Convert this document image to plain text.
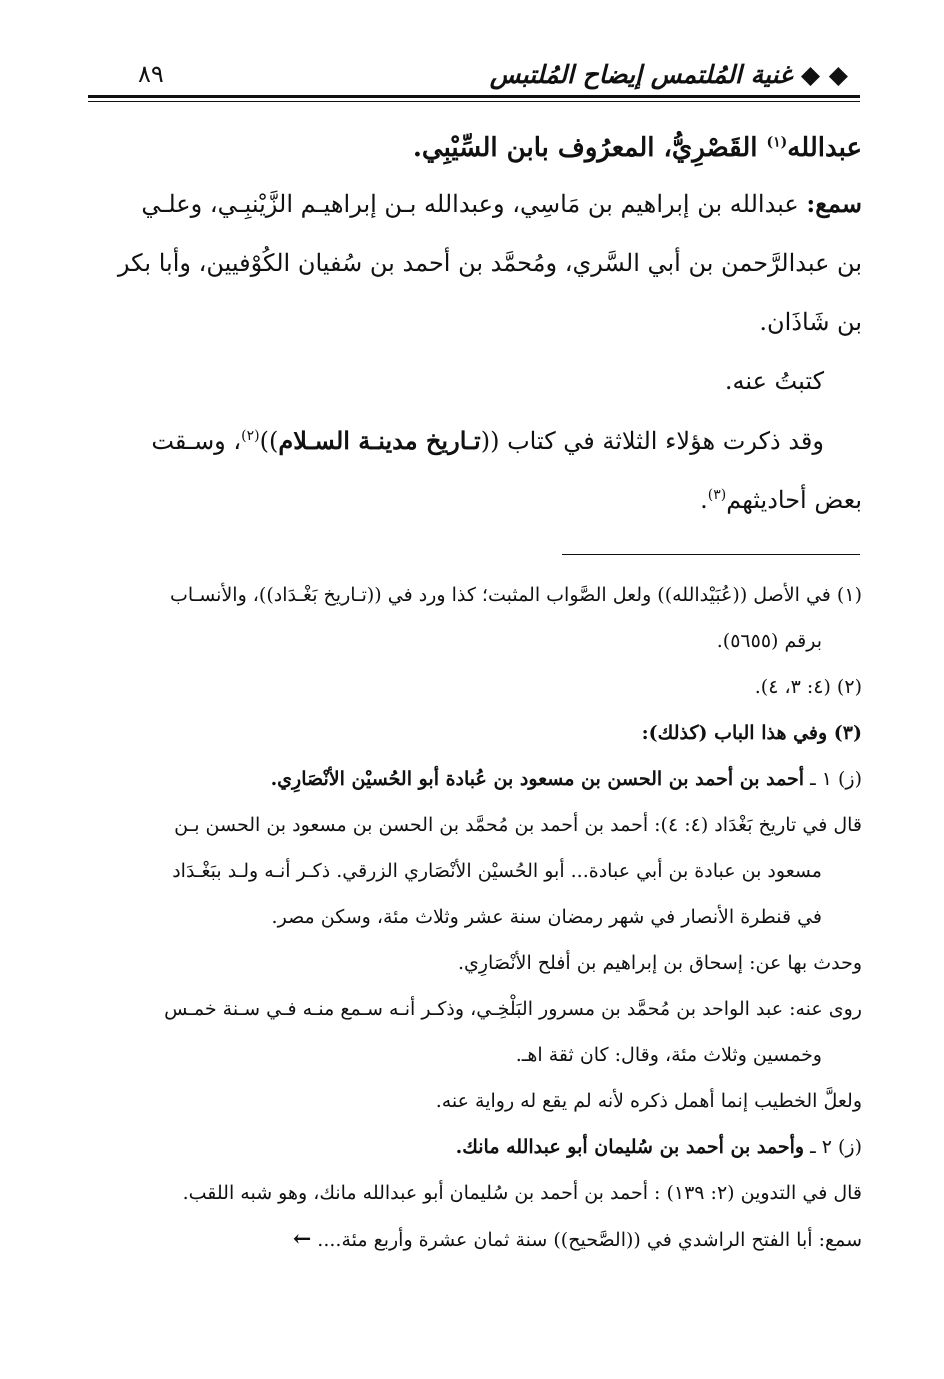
◆ ◆ غنية المُلتمس إيضاح المُلتبس
٨٩

عبدالله$^{(١)}$ القَصْرِيُّ، المعرُوف بابن السِّيْبِي.

سمع: عبدالله بن إبراهيم بن مَاسِي، وعبدالله بـن إبراهيـم الزَّيْنبِـي، وعلـي
بن عبدالرَّحمن بن أبي السَّري، ومُحمَّد بن أحمد بن سُفيان الكُوْفيين، وأبا بكر
بن شَاذَان.

كتبتُ عنه.

وقد ذكرت هؤلاء الثلاثة في كتاب ((تـاريخ مدينـة السـلام))$^{(٢)}$، وسـقت
بعض أحاديثهم$^{(٣)}$.

(١) في الأصل ((عُبَيْدالله)) ولعل الصَّواب المثبت؛ كذا ورد في ((تـاريخ بَغْـدَاد))، والأنسـاب

برقم (٥٦٥٥).

(٢) (٤: ٣، ٤).

(٣) وفي هذا الباب (كذلك):

(ز) ١ ـ أحمد بن أحمد بن الحسن بن مسعود بن عُبادة أبو الحُسيْن الأنْصَارِي.

قال في تاريخ بَغْدَاد (٤: ٤): أحمد بن أحمد بن مُحمَّد بن الحسن بن مسعود بن الحسن بـن

مسعود بن عبادة بن أبي عبادة... أبو الحُسيْن الأنْصَاري الزرقي. ذكـر أنـه ولـد ببَغْـدَاد

في قنطرة الأنصار في شهر رمضان سنة عشر وثلاث مئة، وسكن مصر.

وحدث بها عن: إسحاق بن إبراهيم بن أفلح الأنْصَارِي.

روى عنه: عبد الواحد بن مُحمَّد بن مسرور البَلْخِـي، وذكـر أنـه سـمع منـه فـي سـنة خمـس

وخمسين وثلاث مئة، وقال: كان ثقة اهـ.

ولعلَّ الخطيب إنما أهمل ذكره لأنه لم يقع له رواية عنه.

(ز) ٢ ـ وأحمد بن أحمد بن سُليمان أبو عبدالله مانك.

قال في التدوين (٢: ١٣٩) : أحمد بن أحمد بن سُليمان أبو عبدالله مانك، وهو شبه اللقب.

سمع: أبا الفتح الراشدي في ((الصَّحيح)) سنة ثمان عشرة وأربع مئة.... ←
